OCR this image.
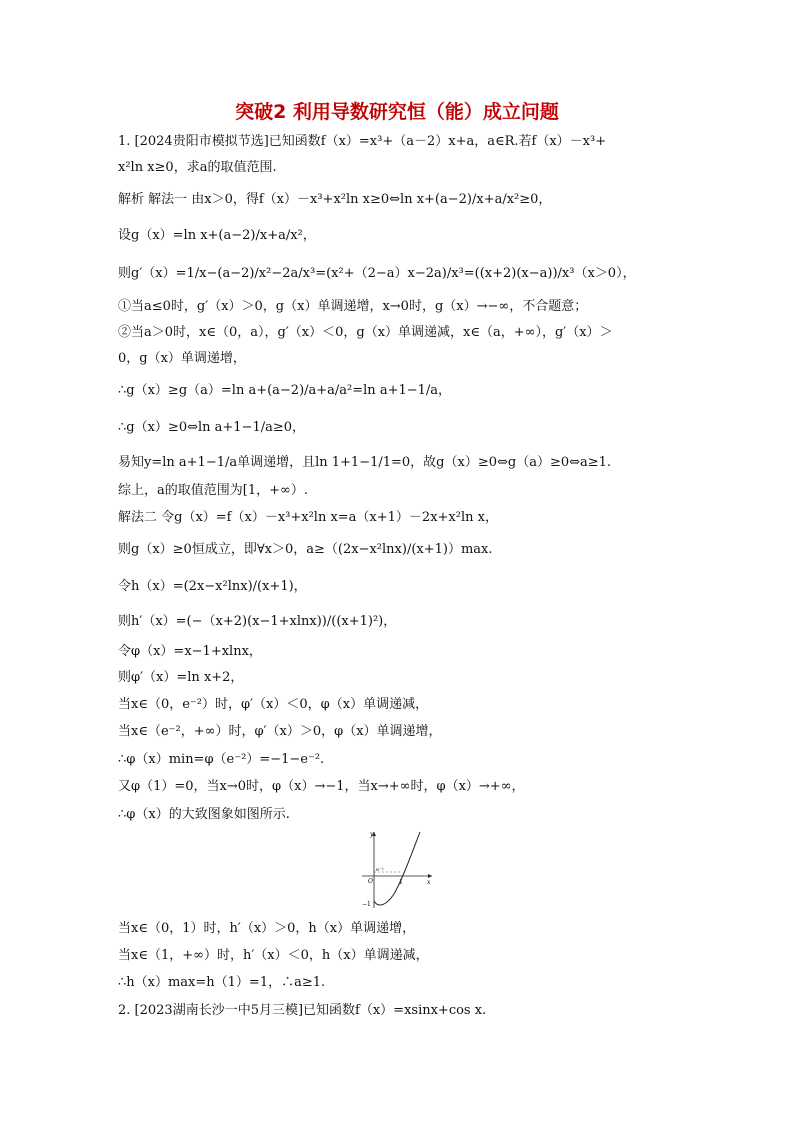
突破2 利用导数研究恒（能）成立问题
1. [2024贵阳市模拟节选]已知函数f（x）=x³+（a－2）x+a，a∈R.若f（x）－x³+
x²ln x≥0，求a的取值范围.
解析 解法一 由x＞0，得f（x）－x³+x²ln x≥0⇔ln x+(a−2)/x+a/x²≥0，
设g（x）=ln x+(a−2)/x+a/x²，
则g′（x）=1/x−(a−2)/x²−2a/x³=(x²+（2−a）x−2a)/x³=((x+2)(x−a))/x³（x＞0），
①当a≤0时，g′（x）＞0，g（x）单调递增，x→0时，g（x）→−∞，不合题意；
②当a＞0时，x∈（0，a），g′（x）＜0，g（x）单调递减，x∈（a，+∞），g′（x）＞
0，g（x）单调递增，
∴g（x）≥g（a）=ln a+(a−2)/a+a/a²=ln a+1−1/a，
∴g（x）≥0⇔ln a+1−1/a≥0，
易知y=ln a+1−1/a单调递增，且ln 1+1−1/1=0，故g（x）≥0⇔g（a）≥0⇔a≥1.
综上，a的取值范围为[1，+∞）.
解法二 令g（x）=f（x）－x³+x²ln x=a（x+1）－2x+x²ln x，
则g（x）≥0恒成立，即∀x＞0，a≥（(2x−x²lnx)/(x+1)）max.
令h（x）=(2x−x²lnx)/(x+1)，
则h′（x）=(−（x+2)(x−1+xlnx))/((x+1)²)，
令φ（x）=x−1+xlnx，
则φ′（x）=ln x+2，
当x∈（0，e⁻²）时，φ′（x）＜0，φ（x）单调递减，
当x∈（e⁻²，+∞）时，φ′（x）＞0，φ（x）单调递增，
∴φ（x）min=φ（e⁻²）=−1−e⁻².
又φ（1）=0，当x→0时，φ（x）→−1，当x→+∞时，φ（x）→+∞，
∴φ（x）的大致图象如图所示.
y
x
O
e⁻²
1
−1
当x∈（0，1）时，h′（x）＞0，h（x）单调递增，
当x∈（1，+∞）时，h′（x）＜0，h（x）单调递减，
∴h（x）max=h（1）=1，∴a≥1.
2. [2023湖南长沙一中5月三模]已知函数f（x）=xsinx+cos x.
